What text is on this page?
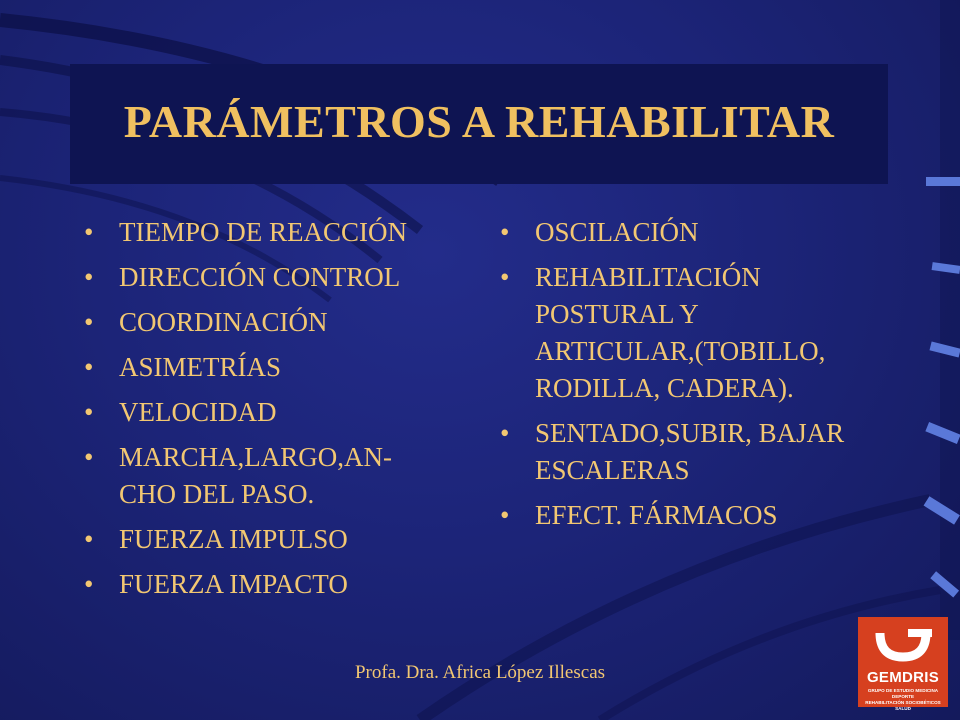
PARÁMETROS A REHABILITAR
• TIEMPO DE REACCIÓN
• DIRECCIÓN CONTROL
• COORDINACIÓN
• ASIMETRÍAS
• VELOCIDAD
• MARCHA,LARGO,AN-
CHO DEL PASO.
• FUERZA IMPULSO
• FUERZA IMPACTO
• OSCILACIÓN
• REHABILITACIÓN
POSTURAL Y
ARTICULAR,(TOBILLO,
RODILLA, CADERA).
• SENTADO,SUBIR, BAJAR
ESCALERAS
• EFECT. FÁRMACOS
Profa. Dra. Africa López Illescas	GEMDRIS
GRUPO DE ESTUDIO MEDICINA DEPORTE
REHABILITACIÓN SOCIOBÉTICOS SALUD
